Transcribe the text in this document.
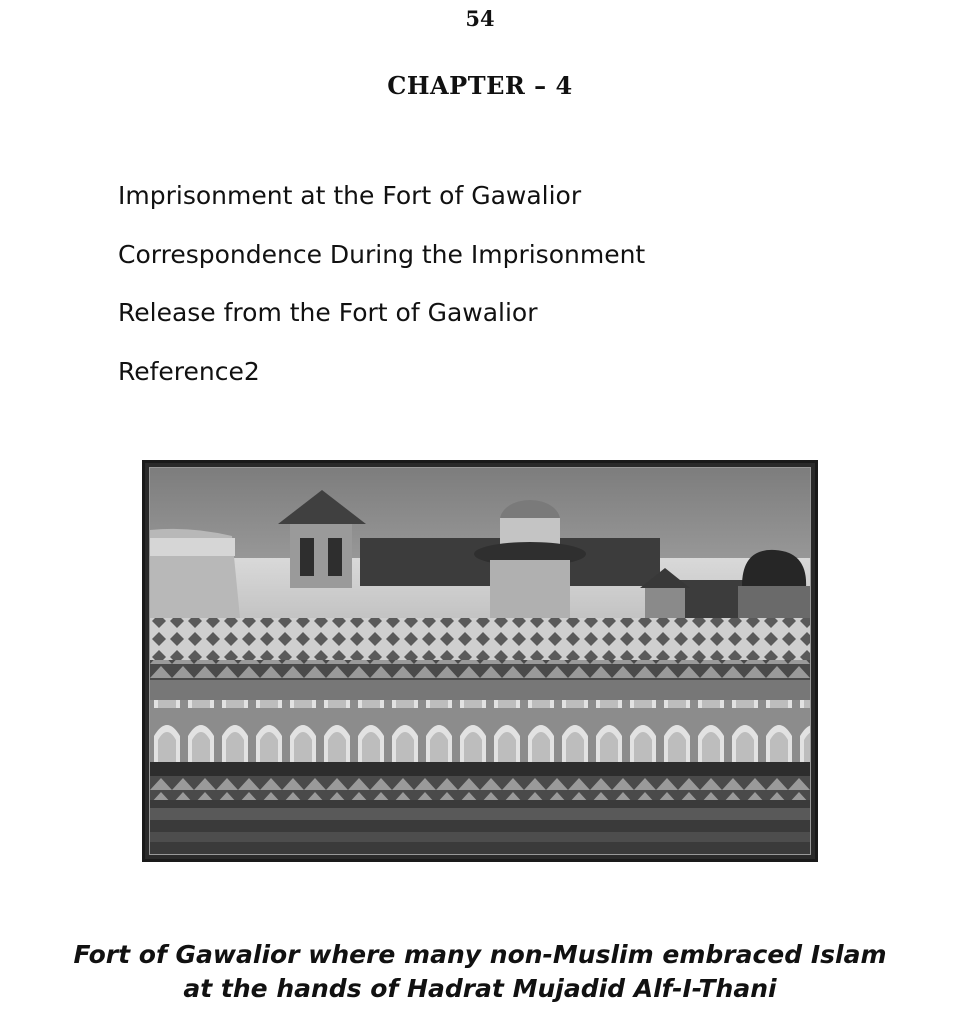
54
CHAPTER – 4
Imprisonment at the Fort of Gawalior
Correspondence During the Imprisonment
Release from the Fort of Gawalior
Reference2
Fort of Gawalior where many non-Muslim embraced Islam
at the hands of Hadrat Mujadid Alf-I-Thani
